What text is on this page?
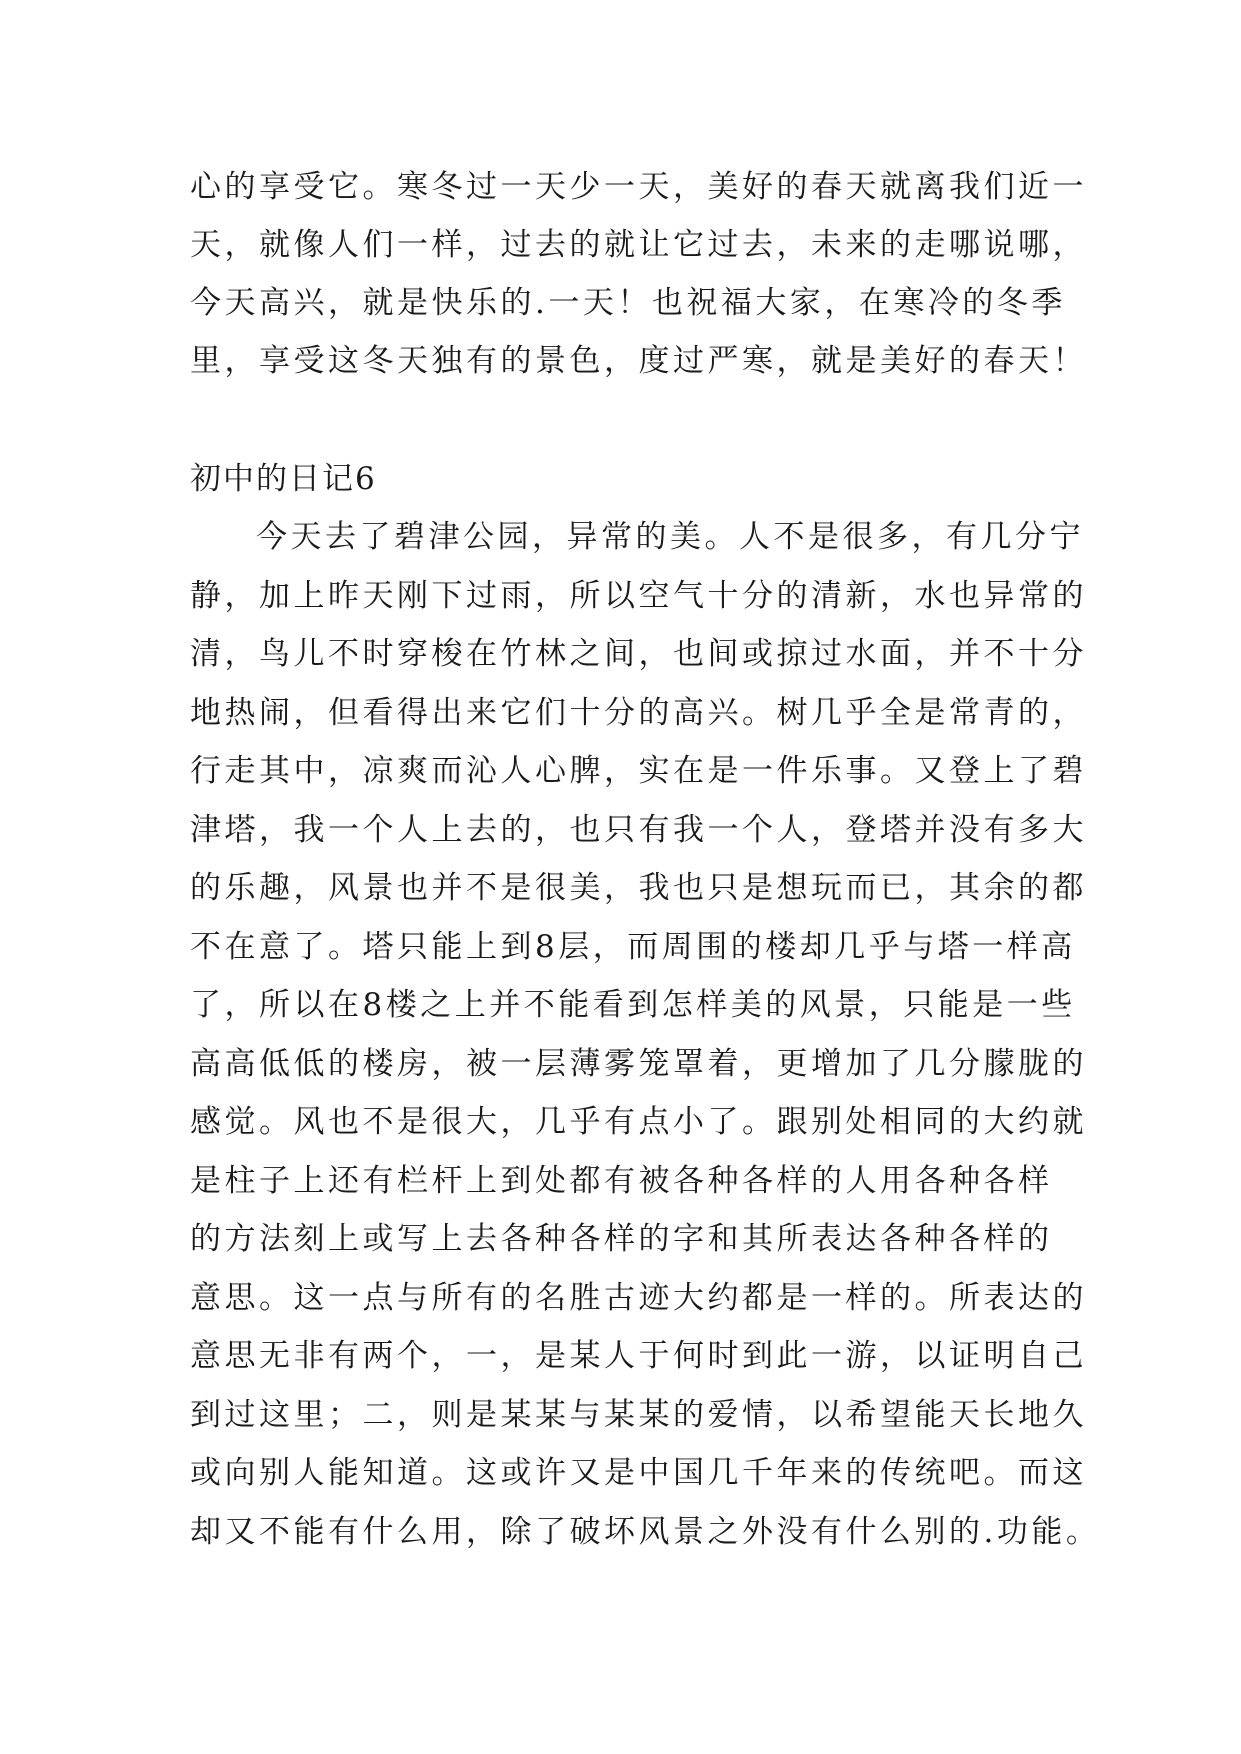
心的享受它。寒冬过一天少一天，美好的春天就离我们近一
天，就像人们一样，过去的就让它过去，未来的走哪说哪，
今天高兴，就是快乐的.一天！也祝福大家，在寒冷的冬季
里，享受这冬天独有的景色，度过严寒，就是美好的春天！
初中的日记6
今天去了碧津公园，异常的美。人不是很多，有几分宁
静，加上昨天刚下过雨，所以空气十分的清新，水也异常的
清，鸟儿不时穿梭在竹林之间，也间或掠过水面，并不十分
地热闹，但看得出来它们十分的高兴。树几乎全是常青的，
行走其中，凉爽而沁人心脾，实在是一件乐事。又登上了碧
津塔，我一个人上去的，也只有我一个人，登塔并没有多大
的乐趣，风景也并不是很美，我也只是想玩而已，其余的都
不在意了。塔只能上到8层，而周围的楼却几乎与塔一样高
了，所以在8楼之上并不能看到怎样美的风景，只能是一些
高高低低的楼房，被一层薄雾笼罩着，更增加了几分朦胧的
感觉。风也不是很大，几乎有点小了。跟别处相同的大约就
是柱子上还有栏杆上到处都有被各种各样的人用各种各样
的方法刻上或写上去各种各样的字和其所表达各种各样的
意思。这一点与所有的名胜古迹大约都是一样的。所表达的
意思无非有两个，一，是某人于何时到此一游，以证明自己
到过这里；二，则是某某与某某的爱情，以希望能天长地久
或向别人能知道。这或许又是中国几千年来的传统吧。而这
却又不能有什么用，除了破坏风景之外没有什么别的.功能。
